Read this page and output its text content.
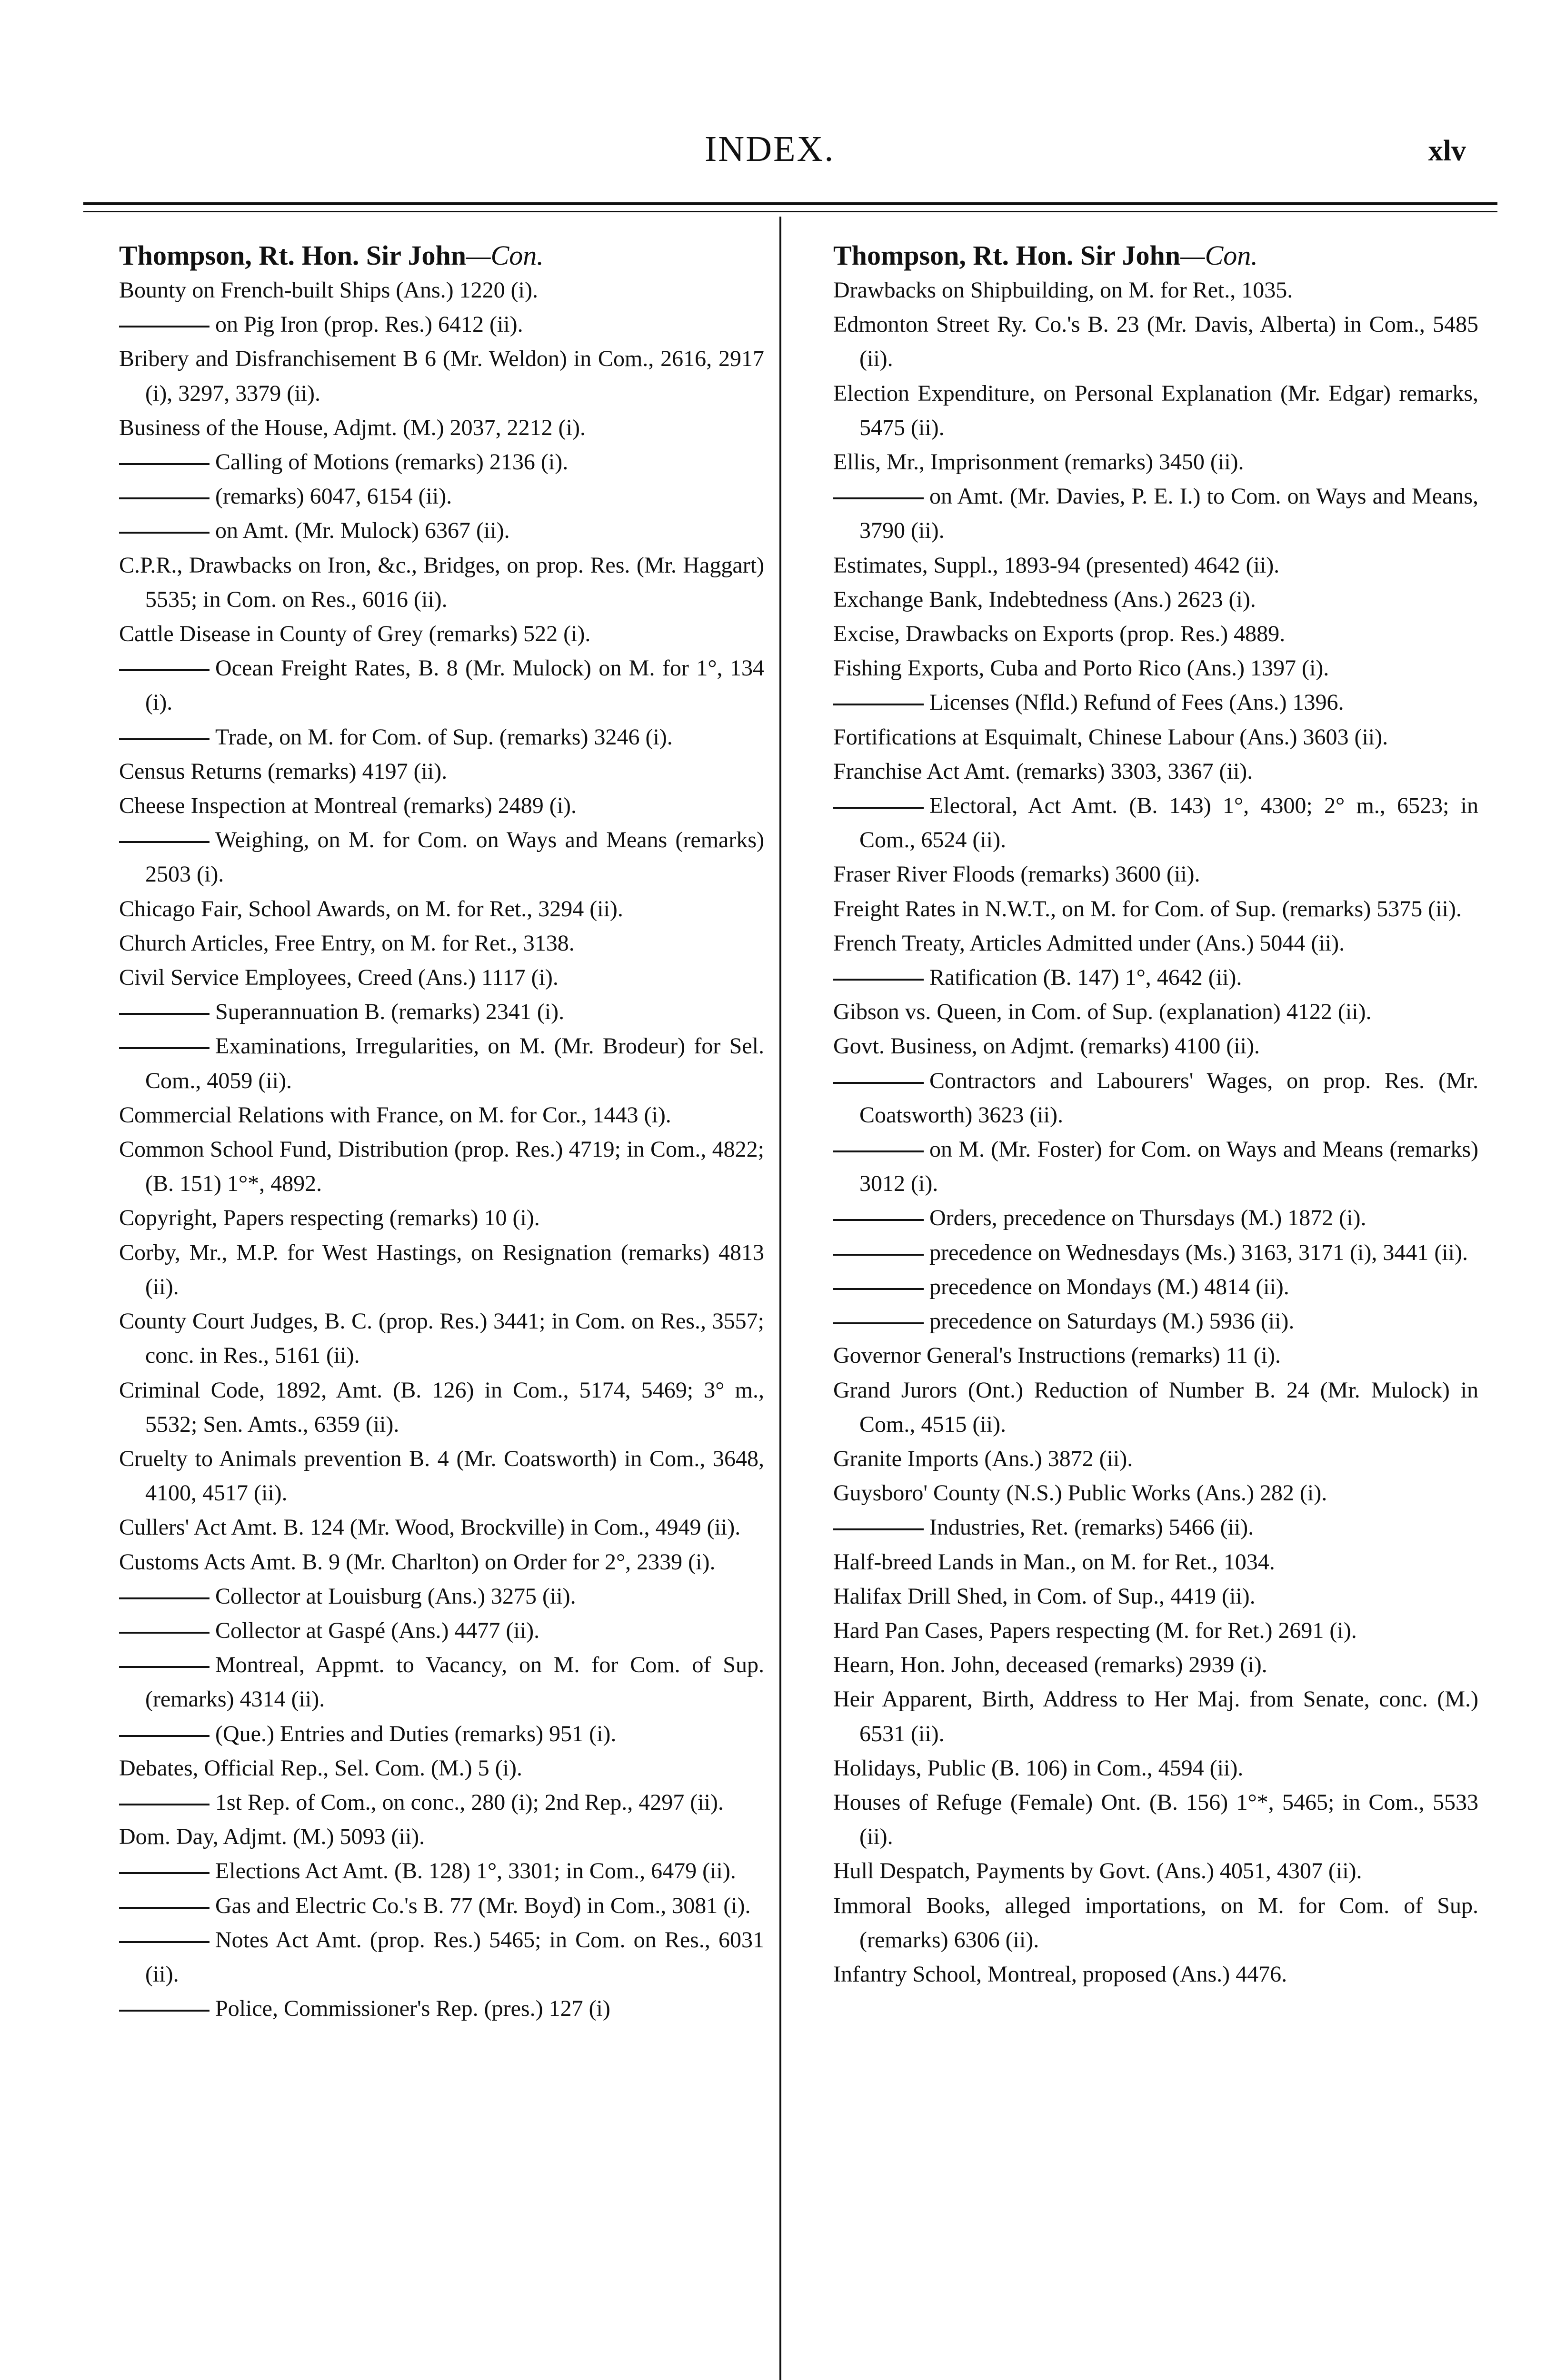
INDEX.	xlv
Thompson, Rt. Hon. Sir John—Con.
Bounty on French-built Ships (Ans.) 1220 (i).
on Pig Iron (prop. Res.) 6412 (ii).
Bribery and Disfranchisement B 6 (Mr. Weldon) in Com., 2616, 2917 (i), 3297, 3379 (ii).
Business of the House, Adjmt. (M.) 2037, 2212 (i).
Calling of Motions (remarks) 2136 (i).
(remarks) 6047, 6154 (ii).
on Amt. (Mr. Mulock) 6367 (ii).
C.P.R., Drawbacks on Iron, &c., Bridges, on prop. Res. (Mr. Haggart) 5535; in Com. on Res., 6016 (ii).
Cattle Disease in County of Grey (remarks) 522 (i).
Ocean Freight Rates, B. 8 (Mr. Mulock) on M. for 1°, 134 (i).
Trade, on M. for Com. of Sup. (remarks) 3246 (i).
Census Returns (remarks) 4197 (ii).
Cheese Inspection at Montreal (remarks) 2489 (i).
Weighing, on M. for Com. on Ways and Means (remarks) 2503 (i).
Chicago Fair, School Awards, on M. for Ret., 3294 (ii).
Church Articles, Free Entry, on M. for Ret., 3138.
Civil Service Employees, Creed (Ans.) 1117 (i).
Superannuation B. (remarks) 2341 (i).
Examinations, Irregularities, on M. (Mr. Brodeur) for Sel. Com., 4059 (ii).
Commercial Relations with France, on M. for Cor., 1443 (i).
Common School Fund, Distribution (prop. Res.) 4719; in Com., 4822; (B. 151) 1°*, 4892.
Copyright, Papers respecting (remarks) 10 (i).
Corby, Mr., M.P. for West Hastings, on Resignation (remarks) 4813 (ii).
County Court Judges, B. C. (prop. Res.) 3441; in Com. on Res., 3557; conc. in Res., 5161 (ii).
Criminal Code, 1892, Amt. (B. 126) in Com., 5174, 5469; 3° m., 5532; Sen. Amts., 6359 (ii).
Cruelty to Animals prevention B. 4 (Mr. Coatsworth) in Com., 3648, 4100, 4517 (ii).
Cullers' Act Amt. B. 124 (Mr. Wood, Brockville) in Com., 4949 (ii).
Customs Acts Amt. B. 9 (Mr. Charlton) on Order for 2°, 2339 (i).
Collector at Louisburg (Ans.) 3275 (ii).
Collector at Gaspé (Ans.) 4477 (ii).
Montreal, Appmt. to Vacancy, on M. for Com. of Sup. (remarks) 4314 (ii).
(Que.) Entries and Duties (remarks) 951 (i).
Debates, Official Rep., Sel. Com. (M.) 5 (i).
1st Rep. of Com., on conc., 280 (i); 2nd Rep., 4297 (ii).
Dom. Day, Adjmt. (M.) 5093 (ii).
Elections Act Amt. (B. 128) 1°, 3301; in Com., 6479 (ii).
Gas and Electric Co.'s B. 77 (Mr. Boyd) in Com., 3081 (i).
Notes Act Amt. (prop. Res.) 5465; in Com. on Res., 6031 (ii).
Police, Commissioner's Rep. (pres.) 127 (i)
Thompson, Rt. Hon. Sir John—Con.
Drawbacks on Shipbuilding, on M. for Ret., 1035.
Edmonton Street Ry. Co.'s B. 23 (Mr. Davis, Alberta) in Com., 5485 (ii).
Election Expenditure, on Personal Explanation (Mr. Edgar) remarks, 5475 (ii).
Ellis, Mr., Imprisonment (remarks) 3450 (ii).
on Amt. (Mr. Davies, P. E. I.) to Com. on Ways and Means, 3790 (ii).
Estimates, Suppl., 1893-94 (presented) 4642 (ii).
Exchange Bank, Indebtedness (Ans.) 2623 (i).
Excise, Drawbacks on Exports (prop. Res.) 4889.
Fishing Exports, Cuba and Porto Rico (Ans.) 1397 (i).
Licenses (Nfld.) Refund of Fees (Ans.) 1396.
Fortifications at Esquimalt, Chinese Labour (Ans.) 3603 (ii).
Franchise Act Amt. (remarks) 3303, 3367 (ii).
Electoral, Act Amt. (B. 143) 1°, 4300; 2° m., 6523; in Com., 6524 (ii).
Fraser River Floods (remarks) 3600 (ii).
Freight Rates in N.W.T., on M. for Com. of Sup. (remarks) 5375 (ii).
French Treaty, Articles Admitted under (Ans.) 5044 (ii).
Ratification (B. 147) 1°, 4642 (ii).
Gibson vs. Queen, in Com. of Sup. (explanation) 4122 (ii).
Govt. Business, on Adjmt. (remarks) 4100 (ii).
Contractors and Labourers' Wages, on prop. Res. (Mr. Coatsworth) 3623 (ii).
on M. (Mr. Foster) for Com. on Ways and Means (remarks) 3012 (i).
Orders, precedence on Thursdays (M.) 1872 (i).
precedence on Wednesdays (Ms.) 3163, 3171 (i), 3441 (ii).
precedence on Mondays (M.) 4814 (ii).
precedence on Saturdays (M.) 5936 (ii).
Governor General's Instructions (remarks) 11 (i).
Grand Jurors (Ont.) Reduction of Number B. 24 (Mr. Mulock) in Com., 4515 (ii).
Granite Imports (Ans.) 3872 (ii).
Guysboro' County (N.S.) Public Works (Ans.) 282 (i).
Industries, Ret. (remarks) 5466 (ii).
Half-breed Lands in Man., on M. for Ret., 1034.
Halifax Drill Shed, in Com. of Sup., 4419 (ii).
Hard Pan Cases, Papers respecting (M. for Ret.) 2691 (i).
Hearn, Hon. John, deceased (remarks) 2939 (i).
Heir Apparent, Birth, Address to Her Maj. from Senate, conc. (M.) 6531 (ii).
Holidays, Public (B. 106) in Com., 4594 (ii).
Houses of Refuge (Female) Ont. (B. 156) 1°*, 5465; in Com., 5533 (ii).
Hull Despatch, Payments by Govt. (Ans.) 4051, 4307 (ii).
Immoral Books, alleged importations, on M. for Com. of Sup. (remarks) 6306 (ii).
Infantry School, Montreal, proposed (Ans.) 4476.
